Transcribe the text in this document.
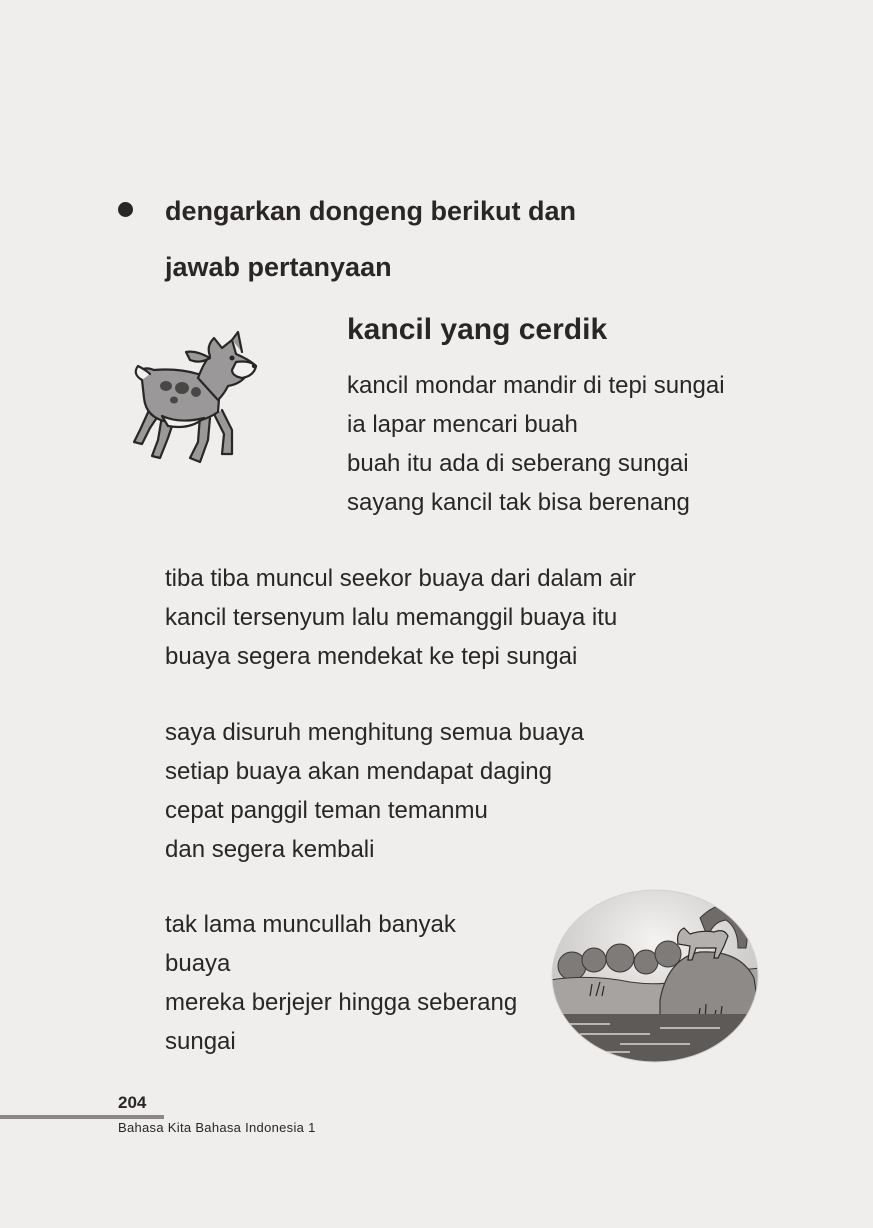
dengarkan dongeng berikut dan
jawab pertanyaan
kancil yang cerdik
kancil mondar mandir di tepi sungai
ia lapar mencari buah
buah itu ada di seberang sungai
sayang kancil tak bisa berenang
tiba tiba muncul seekor buaya dari dalam air
kancil tersenyum lalu memanggil buaya itu
buaya segera mendekat ke tepi sungai
saya disuruh menghitung semua buaya
setiap buaya akan mendapat daging
cepat panggil teman temanmu
dan segera kembali
tak lama muncullah banyak
buaya
mereka berjejer hingga seberang
sungai
204
Bahasa Kita Bahasa Indonesia 1
